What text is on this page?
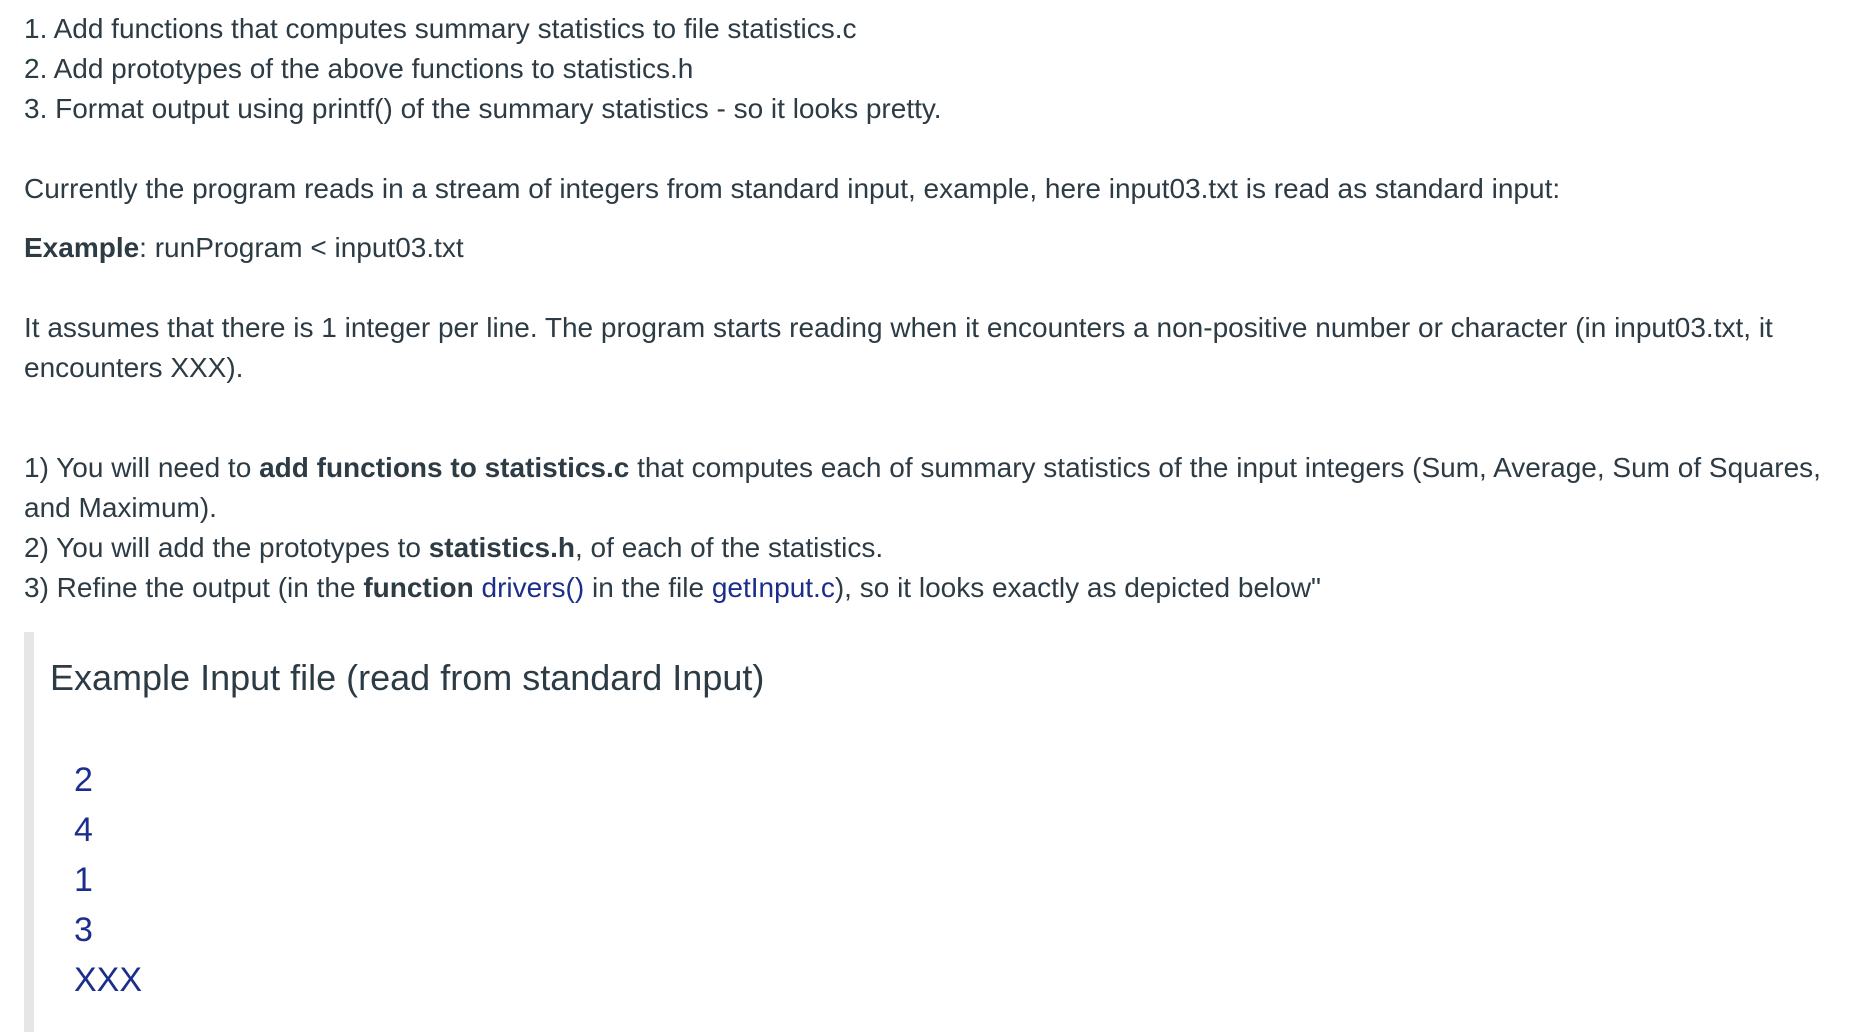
1. Add functions that computes summary statistics to file statistics.c
2. Add prototypes of the above functions to statistics.h
3. Format output using printf() of the summary statistics - so it looks pretty.
Currently the program reads in a stream of integers from standard input, example, here input03.txt is read as standard input:
Example: runProgram < input03.txt
It assumes that there is 1 integer per line. The program starts reading when it encounters a non-positive number or character (in input03.txt, it encounters XXX).
1) You will need to add functions to statistics.c that computes each of summary statistics of the input integers (Sum, Average, Sum of Squares, and Maximum).
2) You will add the prototypes to statistics.h, of each of the statistics.
3) Refine the output (in the function drivers() in the file getInput.c), so it looks exactly as depicted below"
Example Input file (read from standard Input)
2
4
1
3
XXX
